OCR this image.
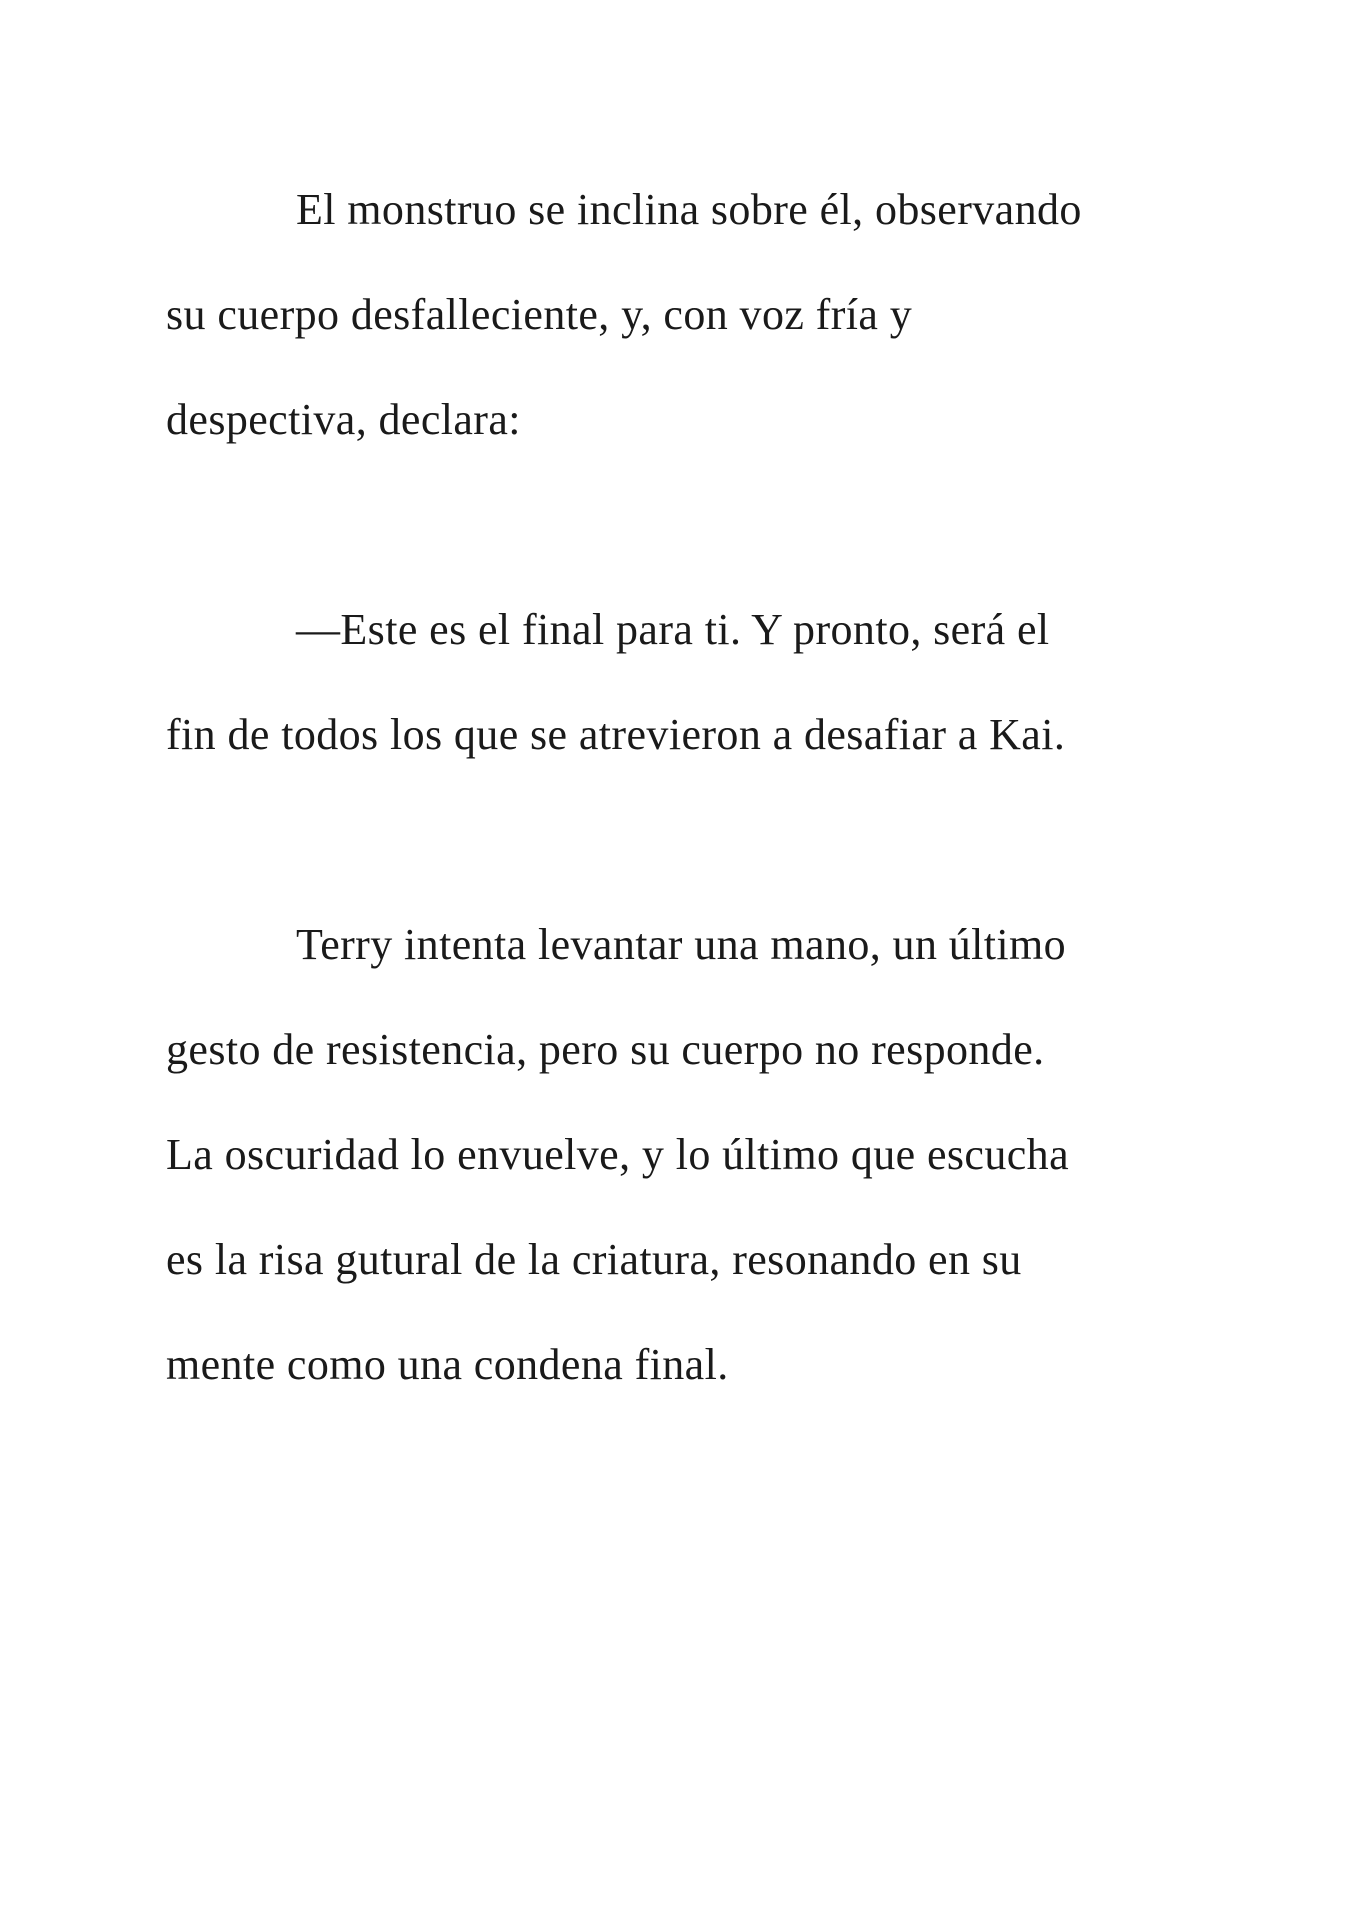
El monstruo se inclina sobre él, observando
su cuerpo desfalleciente, y, con voz fría y
despectiva, declara:

—Este es el final para ti. Y pronto, será el
fin de todos los que se atrevieron a desafiar a Kai.

Terry intenta levantar una mano, un último
gesto de resistencia, pero su cuerpo no responde.
La oscuridad lo envuelve, y lo último que escucha
es la risa gutural de la criatura, resonando en su
mente como una condena final.
